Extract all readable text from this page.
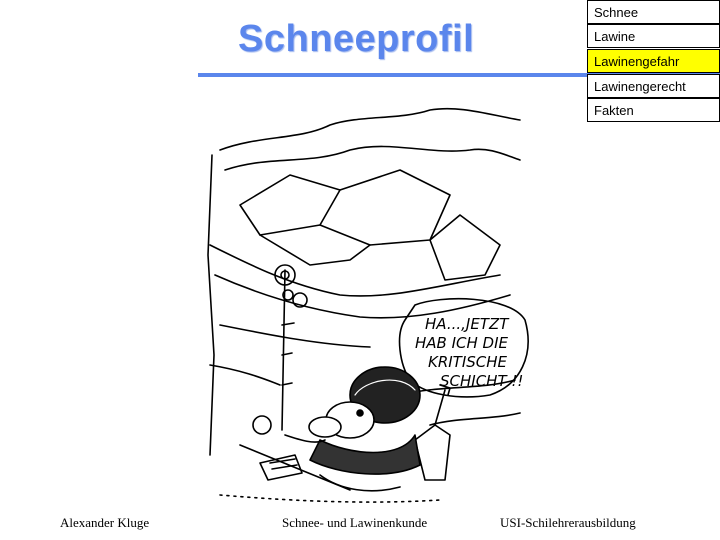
Schneeprofil
Schnee
Lawine
Lawinengefahr
Lawinengerecht
Fakten
HA...,JETZT
HAB ICH DIE
KRITISCHE
SCHICHT !!
Alexander Kluge	Schnee- und Lawinenkunde	USI-Schilehrerausbildung
